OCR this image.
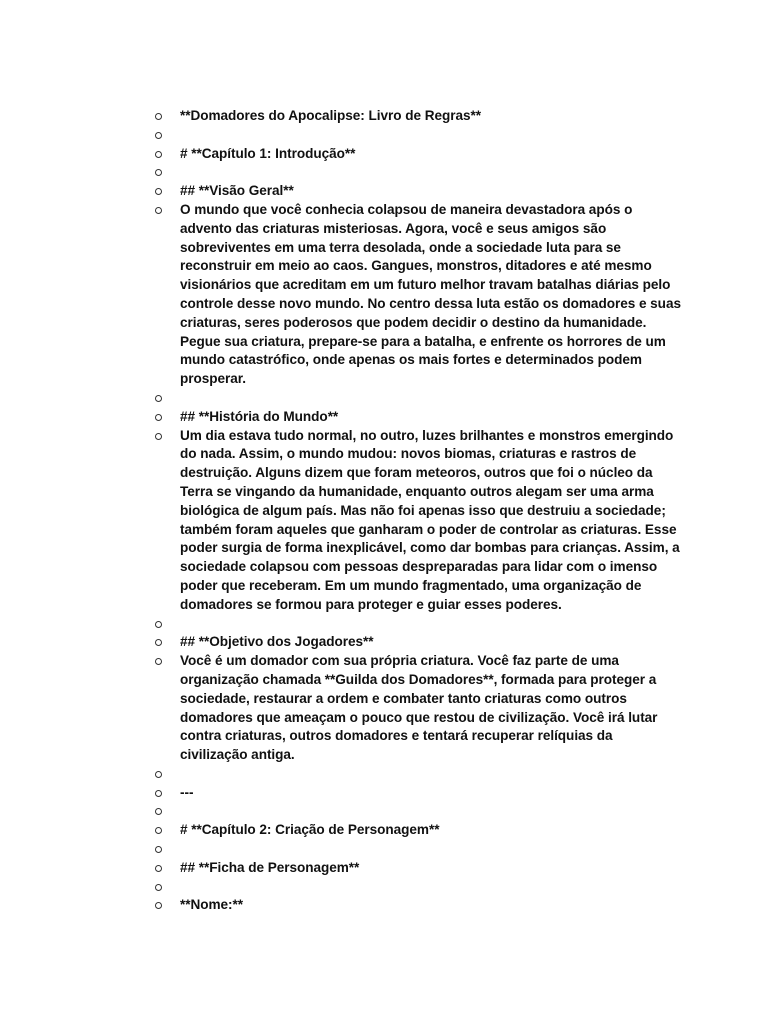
**Domadores do Apocalipse: Livro de Regras**
# **Capítulo 1: Introdução**
## **Visão Geral**
O mundo que você conhecia colapsou de maneira devastadora após o advento das criaturas misteriosas. Agora, você e seus amigos são sobreviventes em uma terra desolada, onde a sociedade luta para se reconstruir em meio ao caos. Gangues, monstros, ditadores e até mesmo visionários que acreditam em um futuro melhor travam batalhas diárias pelo controle desse novo mundo. No centro dessa luta estão os domadores e suas criaturas, seres poderosos que podem decidir o destino da humanidade. Pegue sua criatura, prepare-se para a batalha, e enfrente os horrores de um mundo catastrófico, onde apenas os mais fortes e determinados podem prosperar.
## **História do Mundo**
Um dia estava tudo normal, no outro, luzes brilhantes e monstros emergindo do nada. Assim, o mundo mudou: novos biomas, criaturas e rastros de destruição. Alguns dizem que foram meteoros, outros que foi o núcleo da Terra se vingando da humanidade, enquanto outros alegam ser uma arma biológica de algum país. Mas não foi apenas isso que destruiu a sociedade; também foram aqueles que ganharam o poder de controlar as criaturas. Esse poder surgia de forma inexplicável, como dar bombas para crianças. Assim, a sociedade colapsou com pessoas despreparadas para lidar com o imenso poder que receberam. Em um mundo fragmentado, uma organização de domadores se formou para proteger e guiar esses poderes.
## **Objetivo dos Jogadores**
Você é um domador com sua própria criatura. Você faz parte de uma organização chamada **Guilda dos Domadores**, formada para proteger a sociedade, restaurar a ordem e combater tanto criaturas como outros domadores que ameaçam o pouco que restou de civilização. Você irá lutar contra criaturas, outros domadores e tentará recuperar relíquias da civilização antiga.
---
# **Capítulo 2: Criação de Personagem**
## **Ficha de Personagem**
**Nome:**
